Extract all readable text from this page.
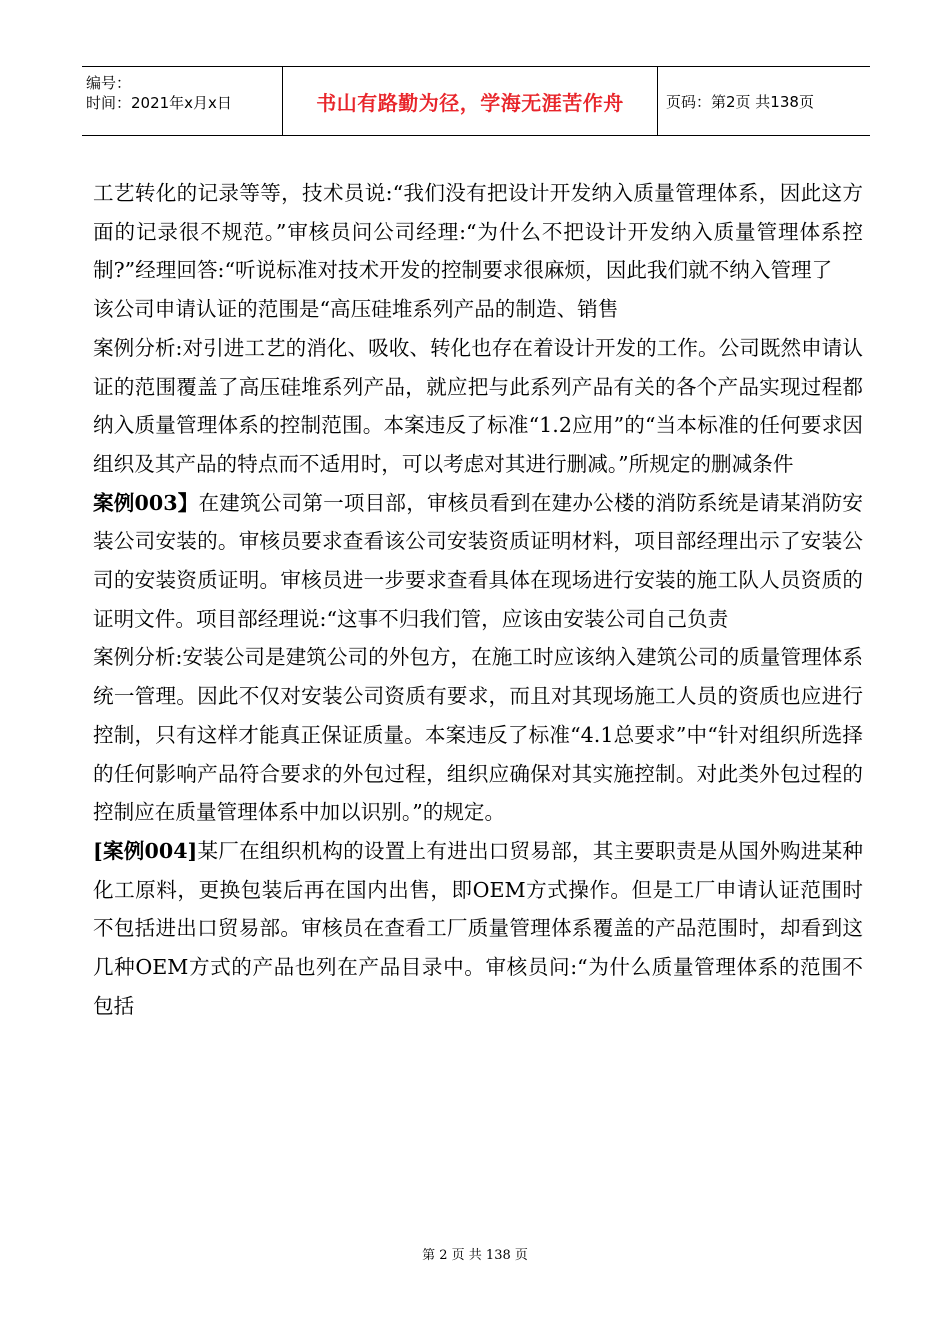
编号：
时间：2021年x月x日	书山有路勤为径，学海无涯苦作舟	页码：第2页 共138页

工艺转化的记录等等，技术员说:“我们没有把设计开发纳入质量管理体系，因此这方面的记录很不规范。”审核员问公司经理:“为什么不把设计开发纳入质量管理体系控制?”经理回答:“听说标准对技术开发的控制要求很麻烦，因此我们就不纳入管理了

该公司申请认证的范围是“高压硅堆系列产品的制造、销售

案例分析:对引进工艺的消化、吸收、转化也存在着设计开发的工作。公司既然申请认证的范围覆盖了高压硅堆系列产品，就应把与此系列产品有关的各个产品实现过程都纳入质量管理体系的控制范围。本案违反了标准“1.2应用”的“当本标准的任何要求因组织及其产品的特点而不适用时，可以考虑对其进行删减。”所规定的删减条件

案例003】在建筑公司第一项目部，审核员看到在建办公楼的消防系统是请某消防安装公司安装的。审核员要求查看该公司安装资质证明材料，项目部经理出示了安装公司的安装资质证明。审核员进一步要求查看具体在现场进行安装的施工队人员资质的证明文件。项目部经理说:“这事不归我们管，应该由安装公司自己负责

案例分析:安装公司是建筑公司的外包方，在施工时应该纳入建筑公司的质量管理体系统一管理。因此不仅对安装公司资质有要求，而且对其现场施工人员的资质也应进行控制，只有这样才能真正保证质量。本案违反了标准“4.1总要求”中“针对组织所选择的任何影响产品符合要求的外包过程，组织应确保对其实施控制。对此类外包过程的控制应在质量管理体系中加以识别。”的规定。

[案例004]某厂在组织机构的设置上有进出口贸易部，其主要职责是从国外购进某种化工原料，更换包装后再在国内出售，即OEM方式操作。但是工厂申请认证范围时不包括进出口贸易部。审核员在查看工厂质量管理体系覆盖的产品范围时，却看到这几种OEM方式的产品也列在产品目录中。审核员问:“为什么质量管理体系的范围不包括

第 2 页 共 138 页
